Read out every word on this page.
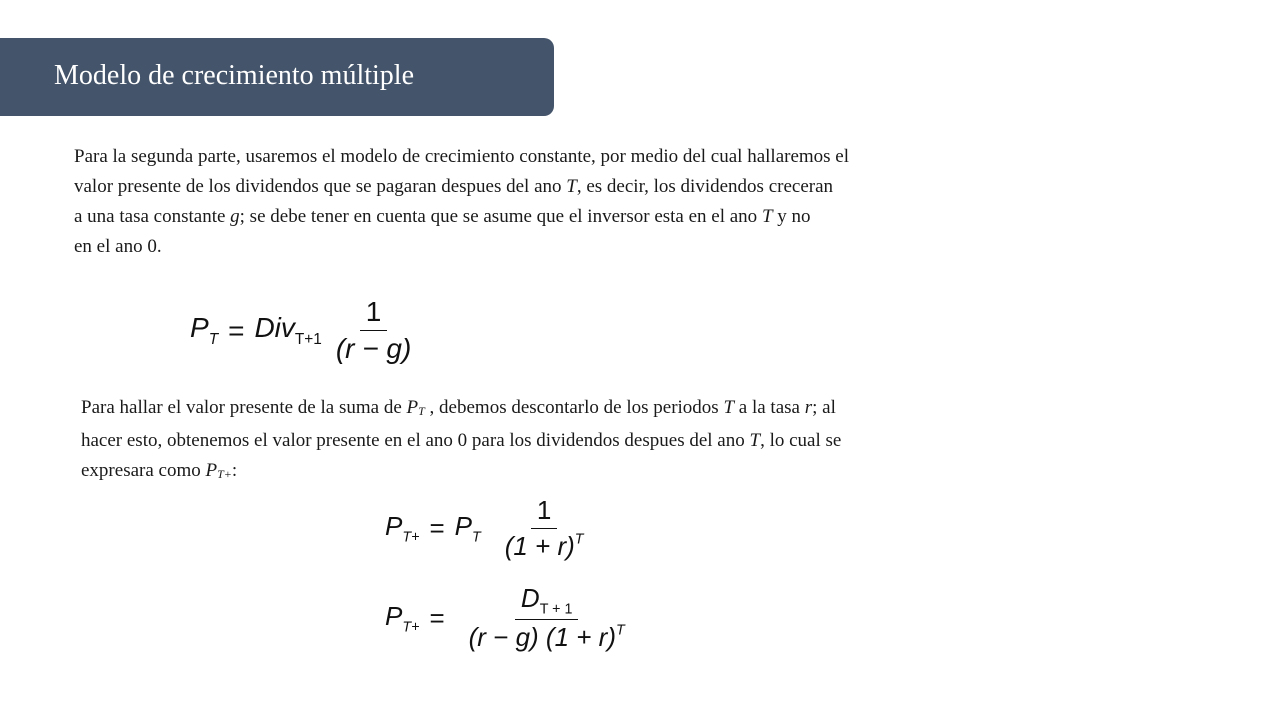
Modelo de crecimiento múltiple
Para la segunda parte, usaremos el modelo de crecimiento constante, por medio del cual hallaremos el
valor presente de los dividendos que se pagaran despues del ano T, es decir, los dividendos creceran
a una tasa constante g; se debe tener en cuenta que se asume que el inversor esta en el ano T y no
en el ano 0.
$P_T = Div_{T+1} \frac{1}{(r - g)}$
Para hallar el valor presente de la suma de PT , debemos descontarlo de los periodos T a la tasa r; al
hacer esto, obtenemos el valor presente en el ano 0 para los dividendos despues del ano T, lo cual se
expresara como PT+:
$P_{T+} = P_T \frac{1}{(1 + r)^T}$
$P_{T+} = \frac{D_{T + 1}}{(r - g) (1 + r)^T}$
